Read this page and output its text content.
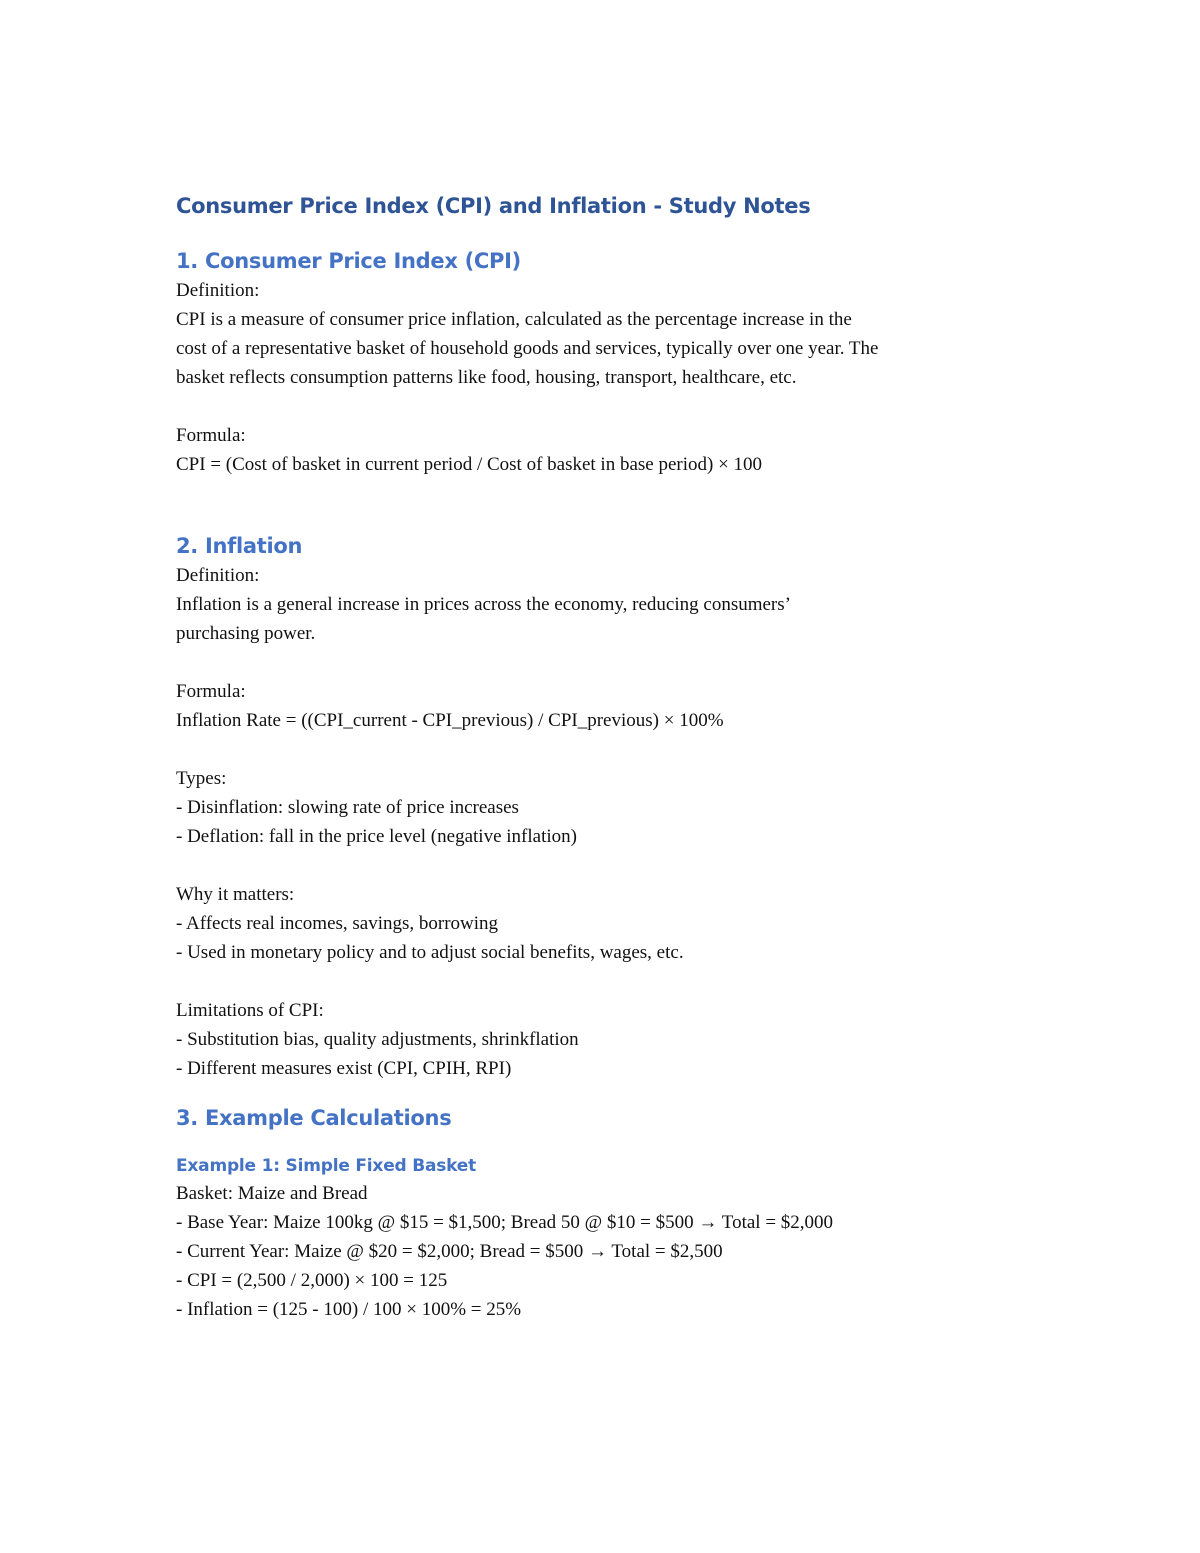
Consumer Price Index (CPI) and Inflation - Study Notes

1. Consumer Price Index (CPI)

Definition:

CPI is a measure of consumer price inflation, calculated as the percentage increase in the

cost of a representative basket of household goods and services, typically over one year. The

basket reflects consumption patterns like food, housing, transport, healthcare, etc.

Formula:

CPI = (Cost of basket in current period / Cost of basket in base period) × 100

2. Inflation

Definition:

Inflation is a general increase in prices across the economy, reducing consumers’

purchasing power.

Formula:

Inflation Rate = ((CPI_current - CPI_previous) / CPI_previous) × 100%

Types:

- Disinflation: slowing rate of price increases

- Deflation: fall in the price level (negative inflation)

Why it matters:

- Affects real incomes, savings, borrowing

- Used in monetary policy and to adjust social benefits, wages, etc.

Limitations of CPI:

- Substitution bias, quality adjustments, shrinkflation

- Different measures exist (CPI, CPIH, RPI)

3. Example Calculations

Example 1: Simple Fixed Basket

Basket: Maize and Bread

- Base Year: Maize 100kg @ $15 = $1,500; Bread 50 @ $10 = $500 → Total = $2,000

- Current Year: Maize @ $20 = $2,000; Bread = $500 → Total = $2,500

- CPI = (2,500 / 2,000) × 100 = 125

- Inflation = (125 - 100) / 100 × 100% = 25%
